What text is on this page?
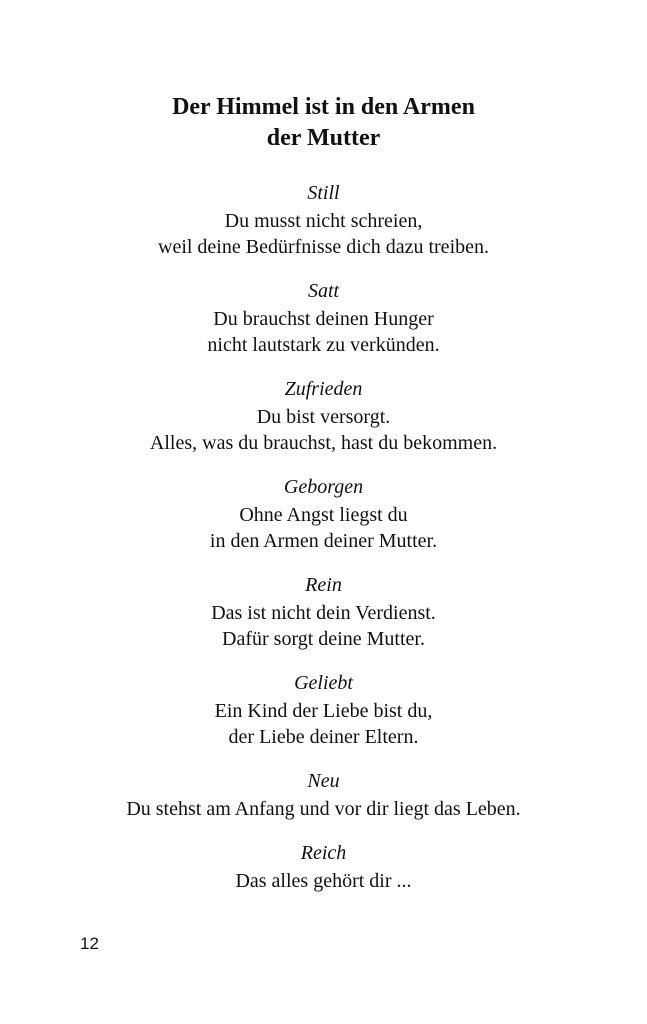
Der Himmel ist in den Armen
der Mutter
Still
Du musst nicht schreien,
weil deine Bedürfnisse dich dazu treiben.
Satt
Du brauchst deinen Hunger
nicht lautstark zu verkünden.
Zufrieden
Du bist versorgt.
Alles, was du brauchst, hast du bekommen.
Geborgen
Ohne Angst liegst du
in den Armen deiner Mutter.
Rein
Das ist nicht dein Verdienst.
Dafür sorgt deine Mutter.
Geliebt
Ein Kind der Liebe bist du,
der Liebe deiner Eltern.
Neu
Du stehst am Anfang und vor dir liegt das Leben.
Reich
Das alles gehört dir ...
12
